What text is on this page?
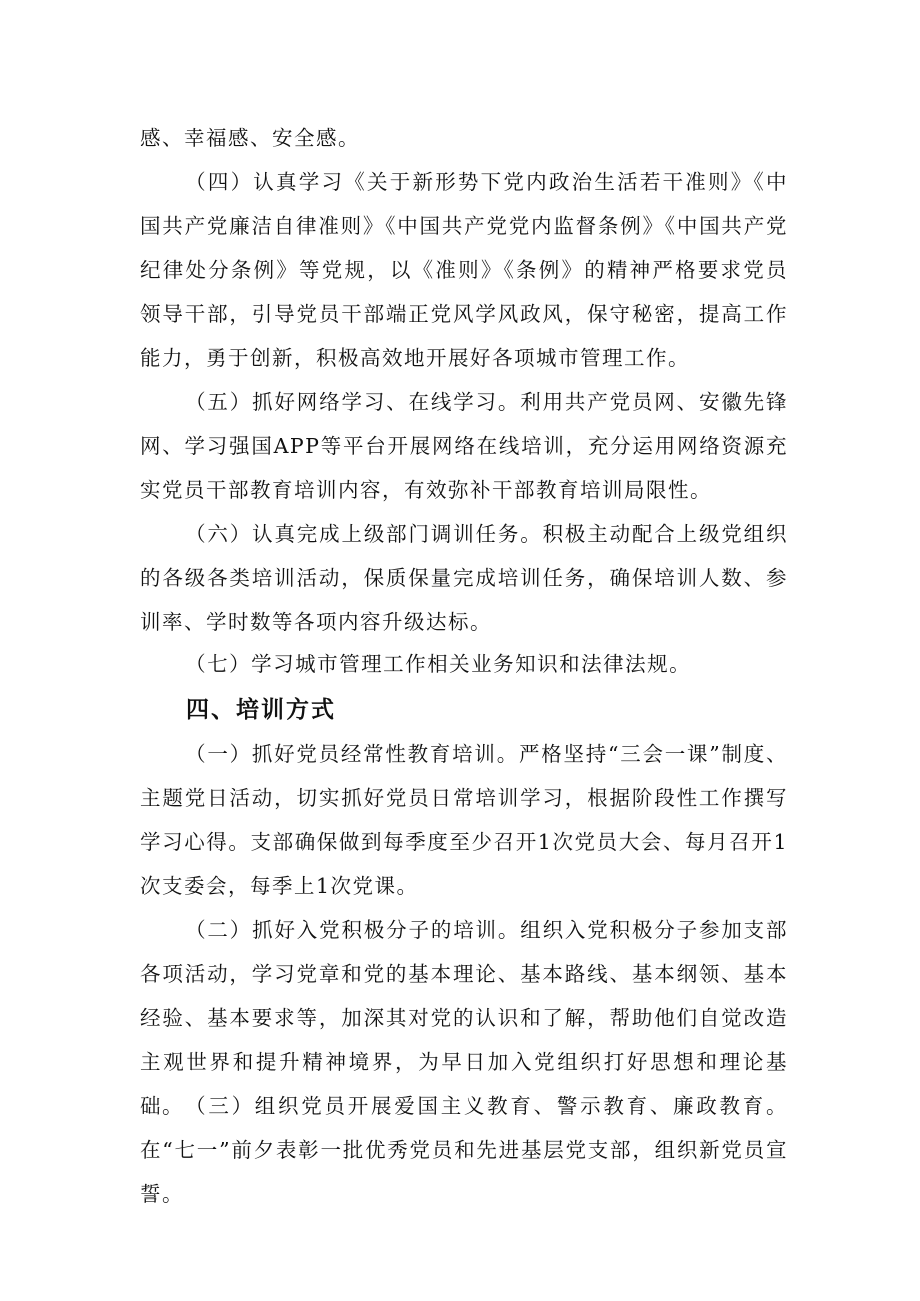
感、幸福感、安全感。

（四）认真学习《关于新形势下党内政治生活若干准则》《中国共产党廉洁自律准则》《中国共产党党内监督条例》《中国共产党纪律处分条例》等党规，以《准则》《条例》的精神严格要求党员领导干部，引导党员干部端正党风学风政风，保守秘密，提高工作能力，勇于创新，积极高效地开展好各项城市管理工作。

（五）抓好网络学习、在线学习。利用共产党员网、安徽先锋网、学习强国APP等平台开展网络在线培训，充分运用网络资源充实党员干部教育培训内容，有效弥补干部教育培训局限性。

（六）认真完成上级部门调训任务。积极主动配合上级党组织的各级各类培训活动，保质保量完成培训任务，确保培训人数、参训率、学时数等各项内容升级达标。

（七）学习城市管理工作相关业务知识和法律法规。

四、培训方式

（一）抓好党员经常性教育培训。严格坚持“三会一课”制度、主题党日活动，切实抓好党员日常培训学习，根据阶段性工作撰写学习心得。支部确保做到每季度至少召开1次党员大会、每月召开1次支委会，每季上1次党课。

（二）抓好入党积极分子的培训。组织入党积极分子参加支部各项活动，学习党章和党的基本理论、基本路线、基本纲领、基本经验、基本要求等，加深其对党的认识和了解，帮助他们自觉改造主观世界和提升精神境界，为早日加入党组织打好思想和理论基础。 （三）组织党员开展爱国主义教育、警示教育、廉政教育。在“七一”前夕表彰一批优秀党员和先进基层党支部，组织新党员宣誓。
